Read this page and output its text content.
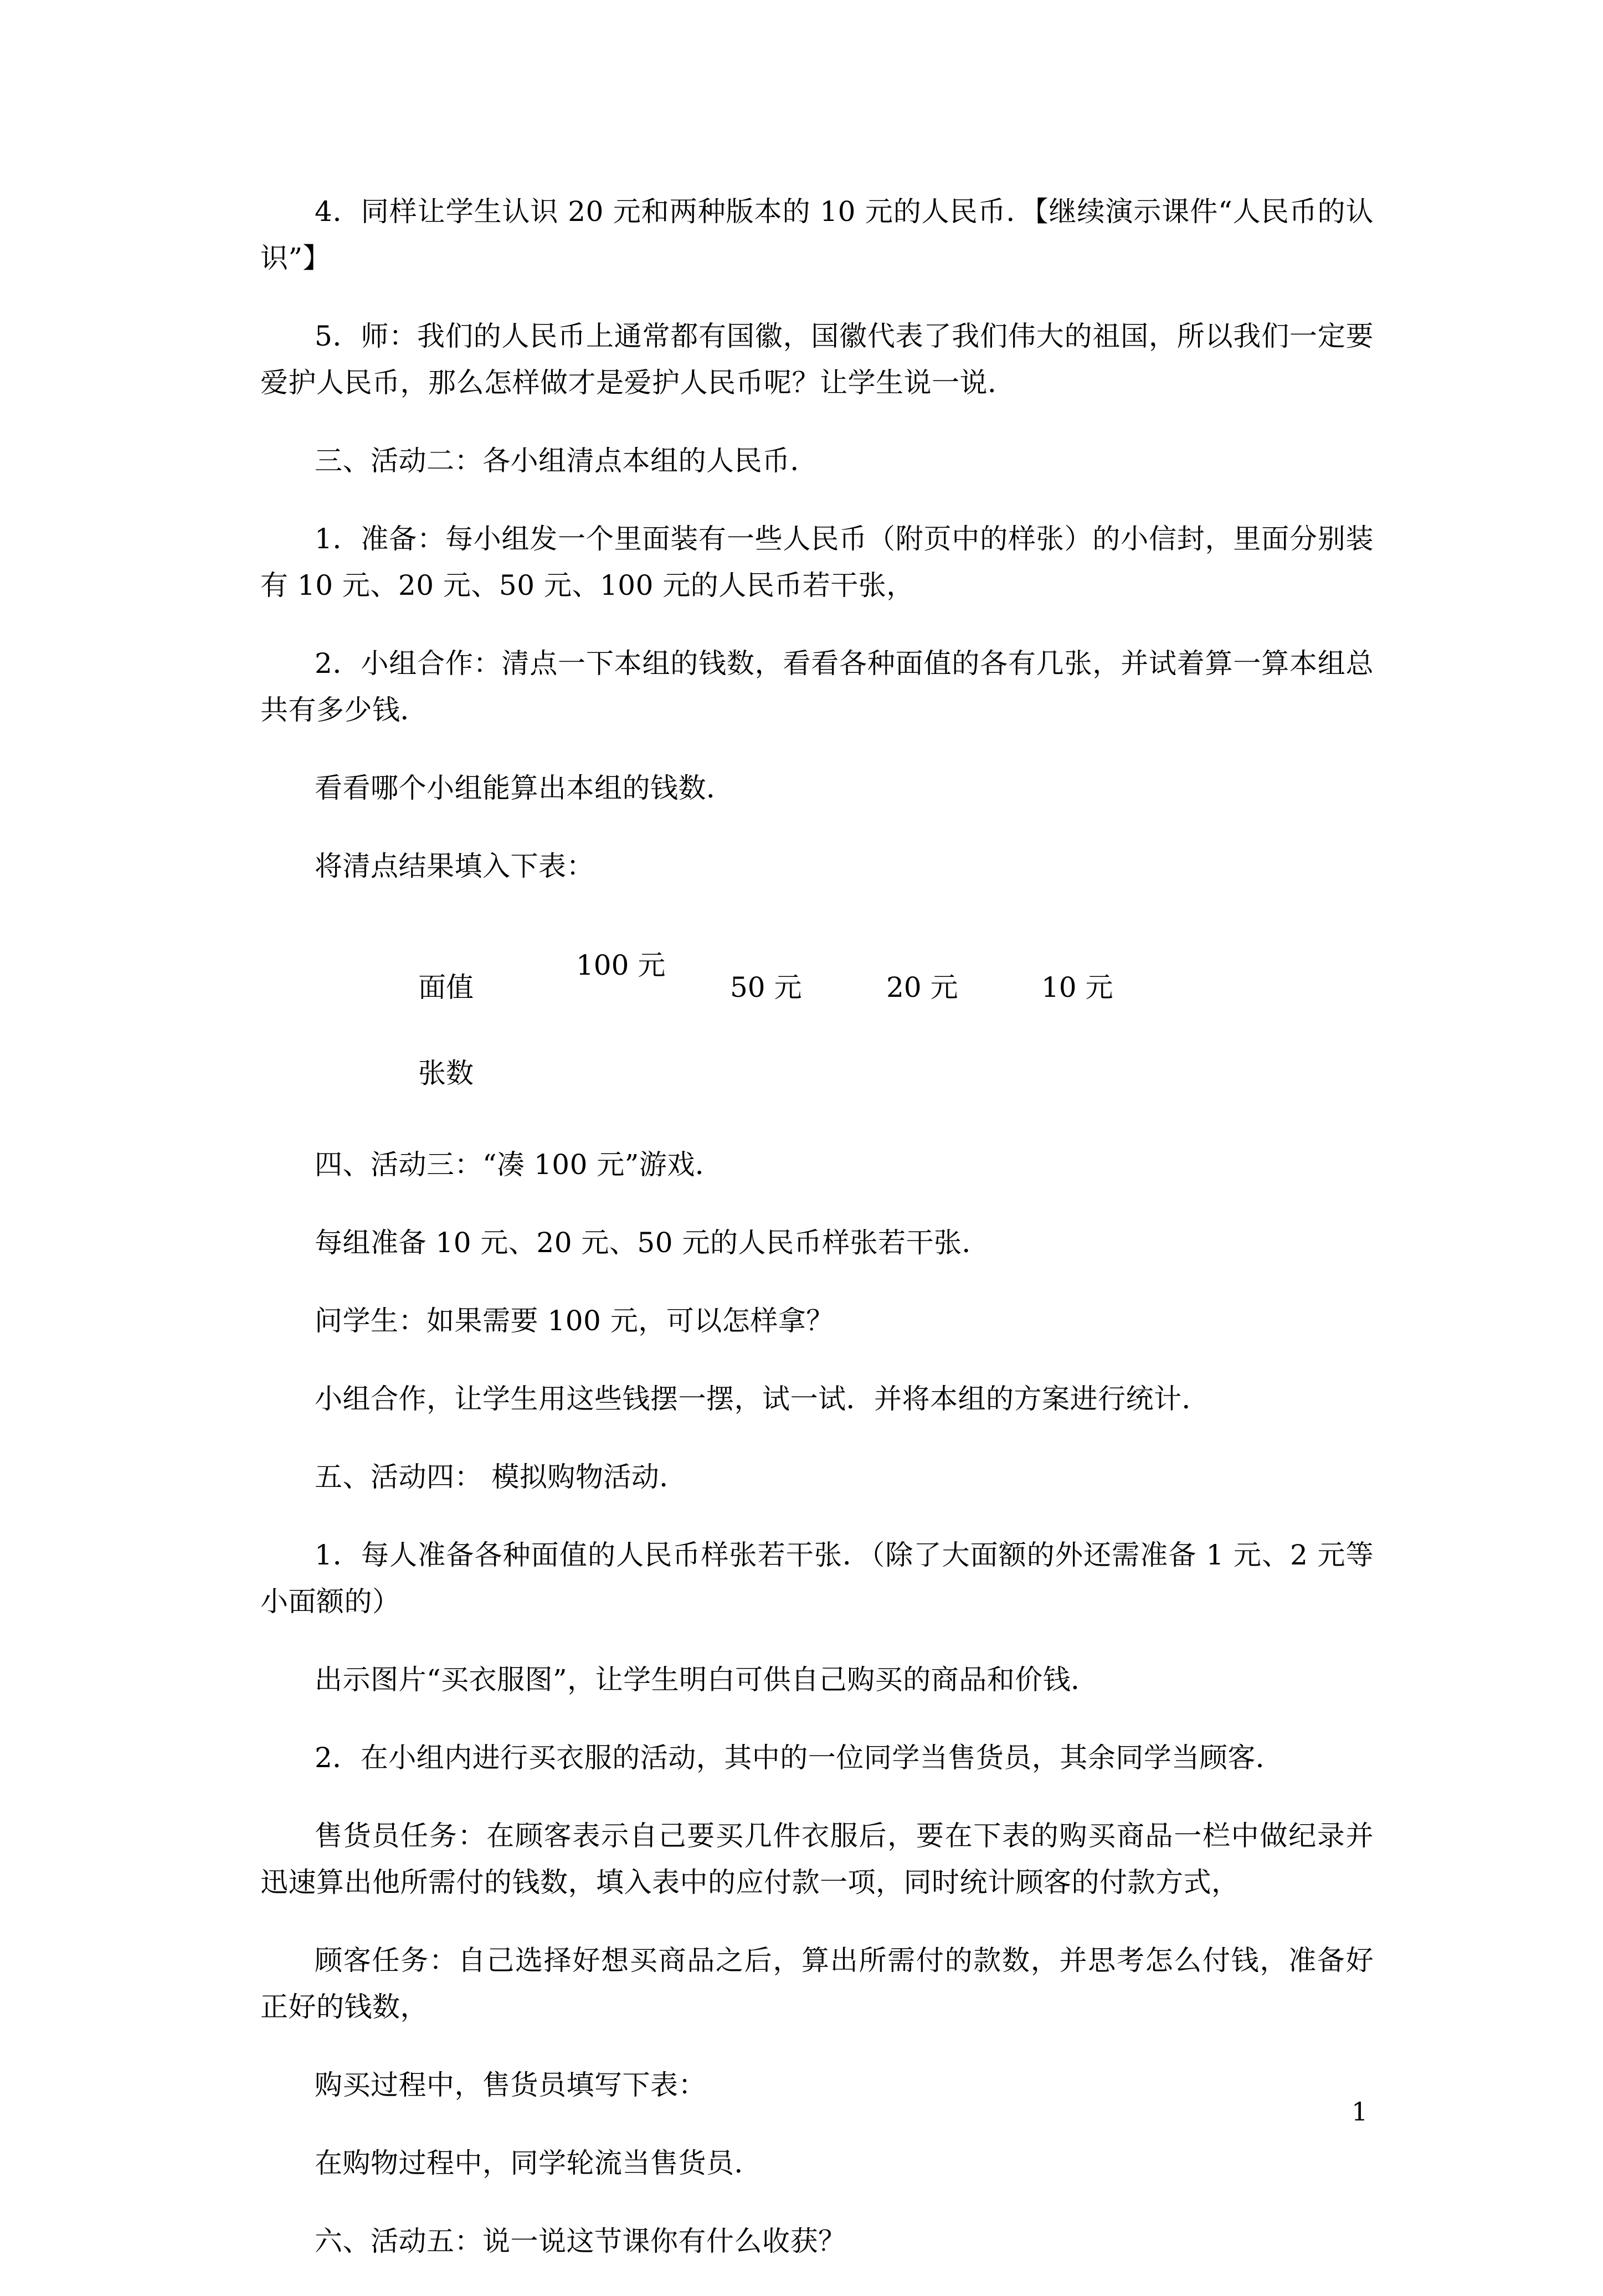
4．同样让学生认识 20 元和两种版本的 10 元的人民币．【继续演示课件“人民币的认识”】

5．师：我们的人民币上通常都有国徽，国徽代表了我们伟大的祖国，所以我们一定要爱护人民币，那么怎样做才是爱护人民币呢？让学生说一说．

三、活动二：各小组清点本组的人民币．

1．准备：每小组发一个里面装有一些人民币（附页中的样张）的小信封，里面分别装有 10 元、20 元、50 元、100 元的人民币若干张，

2．小组合作：清点一下本组的钱数，看看各种面值的各有几张，并试着算一算本组总共有多少钱．

看看哪个小组能算出本组的钱数．

将清点结果填入下表：

面值
100 元
50 元	20 元	10 元
张数

四、活动三：“凑 100 元”游戏．

每组准备 10 元、20 元、50 元的人民币样张若干张．

问学生：如果需要 100 元，可以怎样拿？

小组合作，让学生用这些钱摆一摆，试一试．并将本组的方案进行统计．

五、活动四： 模拟购物活动．

1．每人准备各种面值的人民币样张若干张．（除了大面额的外还需准备 1 元、2 元等小面额的）

出示图片“买衣服图”，让学生明白可供自己购买的商品和价钱．

2．在小组内进行买衣服的活动，其中的一位同学当售货员，其余同学当顾客．

售货员任务：在顾客表示自己要买几件衣服后，要在下表的购买商品一栏中做纪录并迅速算出他所需付的钱数，填入表中的应付款一项，同时统计顾客的付款方式，

顾客任务：自己选择好想买商品之后，算出所需付的款数，并思考怎么付钱，准备好正好的钱数，

购买过程中，售货员填写下表：

在购物过程中，同学轮流当售货员．

六、活动五：说一说这节课你有什么收获？

1
